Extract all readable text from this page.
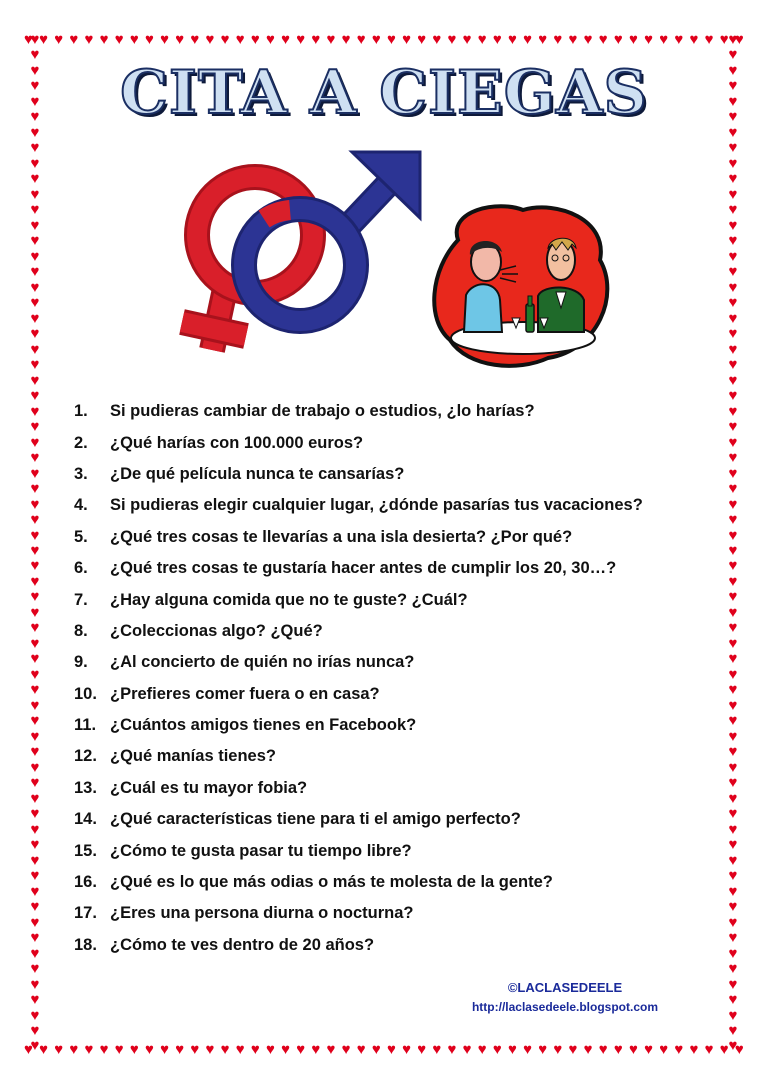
♥ ♥ ♥ ♥ ♥ ♥ ♥ ♥ ♥ ♥ ♥ ♥ ♥ ♥ ♥ ♥ ♥ ♥ ♥ ♥ ♥ ♥ ♥ ♥ ♥ ♥ ♥ ♥ ♥ ♥ ♥ ♥ ♥ ♥ ♥ ♥ ♥ ♥ ♥ ♥ ♥ ♥ ♥ ♥ ♥ ♥ ♥ ♥
♥ ♥ ♥ ♥ ♥ ♥ ♥ ♥ ♥ ♥ ♥ ♥ ♥ ♥ ♥ ♥ ♥ ♥ ♥ ♥ ♥ ♥ ♥ ♥ ♥ ♥ ♥ ♥ ♥ ♥ ♥ ♥ ♥ ♥ ♥ ♥ ♥ ♥ ♥ ♥ ♥ ♥ ♥ ♥ ♥ ♥ ♥ ♥
♥
♥
♥
♥
♥
♥
♥
♥
♥
♥
♥
♥
♥
♥
♥
♥
♥
♥
♥
♥
♥
♥
♥
♥
♥
♥
♥
♥
♥
♥
♥
♥
♥
♥
♥
♥
♥
♥
♥
♥
♥
♥
♥
♥
♥
♥
♥
♥
♥
♥
♥
♥
♥
♥
♥
♥
♥
♥
♥
♥
♥
♥
♥
♥
♥
♥
♥
♥
♥
♥
♥
♥
♥
♥
♥
♥
♥
♥
♥
♥
♥
♥
♥
♥
♥
♥
♥
♥
♥
♥
♥
♥
♥
♥
♥
♥
♥
♥
♥
♥
♥
♥
♥
♥
♥
♥
♥
♥
♥
♥
♥
♥
♥
♥
♥
♥
♥
♥
♥
♥
♥
♥
♥
♥
♥
♥
♥
♥
♥
♥
♥
♥
CITA A CIEGAS
1.	Si pudieras cambiar de trabajo o estudios, ¿lo harías?
2.	¿Qué harías con 100.000 euros?
3.	¿De qué película nunca te cansarías?
4.	Si pudieras elegir cualquier lugar, ¿dónde pasarías tus vacaciones?
5.	¿Qué tres cosas te llevarías a una isla desierta? ¿Por qué?
6.	¿Qué tres cosas te gustaría hacer antes de cumplir los 20, 30…?
7.	¿Hay alguna comida que no te guste? ¿Cuál?
8.	¿Coleccionas algo? ¿Qué?
9.	¿Al concierto de quién no irías nunca?
10. ¿Prefieres comer fuera o en casa?
11. ¿Cuántos amigos tienes en Facebook?
12. ¿Qué manías tienes?
13. ¿Cuál es tu mayor fobia?
14. ¿Qué características tiene para ti el amigo perfecto?
15. ¿Cómo te gusta pasar tu tiempo libre?
16. ¿Qué es lo que más odias o más te molesta de la gente?
17. ¿Eres una persona diurna o nocturna?
18. ¿Cómo te ves dentro de 20 años?
©LACLASEDEELE
http://laclasedeele.blogspot.com
